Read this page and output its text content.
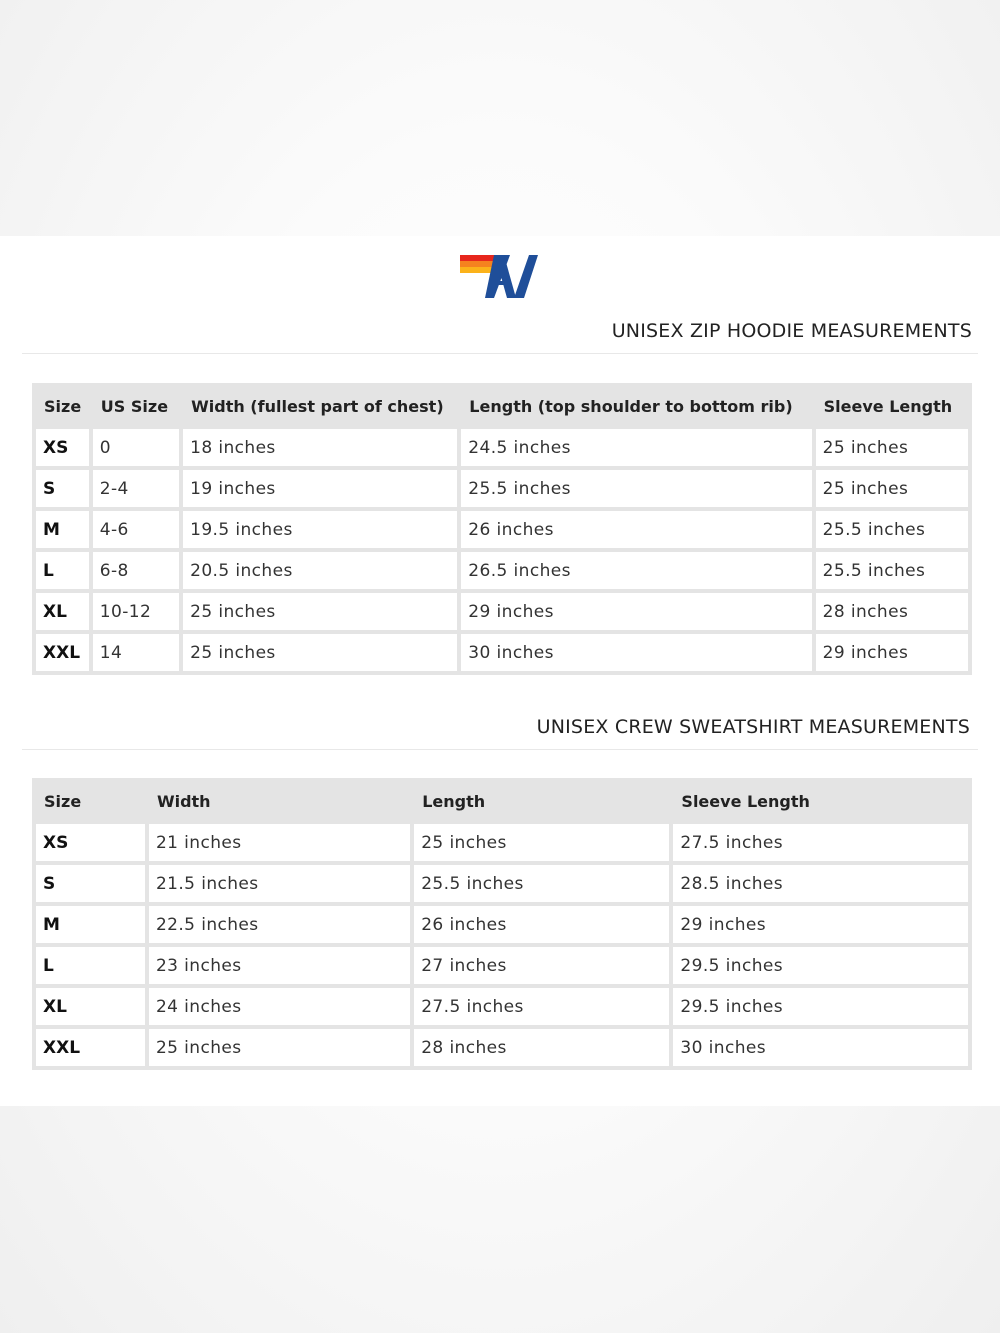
UNISEX ZIP HOODIE MEASUREMENTS
Size	US Size	Width (fullest part of chest)	Length (top shoulder to bottom rib)	Sleeve Length
XS	0	18 inches	24.5 inches	25 inches
S	2-4	19 inches	25.5 inches	25 inches
M	4-6	19.5 inches	26 inches	25.5 inches
L	6-8	20.5 inches	26.5 inches	25.5 inches
XL	10-12	25 inches	29 inches	28 inches
XXL	14	25 inches	30 inches	29 inches
UNISEX CREW SWEATSHIRT MEASUREMENTS
Size	Width	Length	Sleeve Length
XS	21 inches	25 inches	27.5 inches
S	21.5 inches	25.5 inches	28.5 inches
M	22.5 inches	26 inches	29 inches
L	23 inches	27 inches	29.5 inches
XL	24 inches	27.5 inches	29.5 inches
XXL	25 inches	28 inches	30 inches
